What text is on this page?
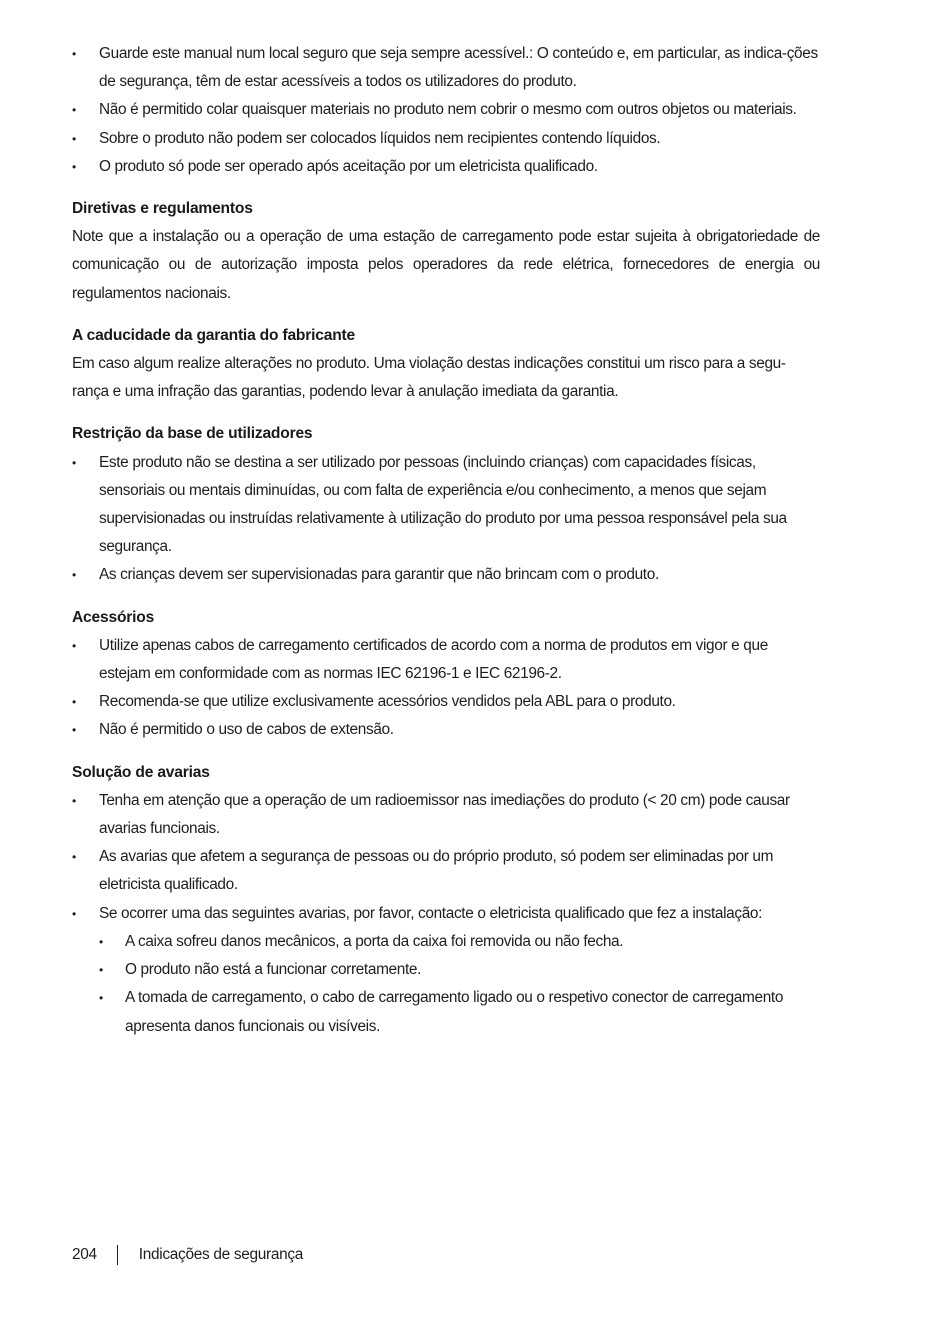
• Guarde este manual num local seguro que seja sempre acessível.: O conteúdo e, em particular, as indica-ções de segurança, têm de estar acessíveis a todos os utilizadores do produto.
• Não é permitido colar quaisquer materiais no produto nem cobrir o mesmo com outros objetos ou materiais.
• Sobre o produto não podem ser colocados líquidos nem recipientes contendo líquidos.
• O produto só pode ser operado após aceitação por um eletricista qualificado.
Diretivas e regulamentos

Note que a instalação ou a operação de uma estação de carregamento pode estar sujeita à obrigatoriedade de comunicação ou de autorização imposta pelos operadores da rede elétrica, fornecedores de energia ou regulamentos nacionais.

A caducidade da garantia do fabricante

Em caso algum realize alterações no produto. Uma violação destas indicações constitui um risco para a segu-rança e uma infração das garantias, podendo levar à anulação imediata da garantia.

Restrição da base de utilizadores
• Este produto não se destina a ser utilizado por pessoas (incluindo crianças) com capacidades físicas, sensoriais ou mentais diminuídas, ou com falta de experiência e/ou conhecimento, a menos que sejam supervisionadas ou instruídas relativamente à utilização do produto por uma pessoa responsável pela sua segurança.
• As crianças devem ser supervisionadas para garantir que não brincam com o produto.
Acessórios
• Utilize apenas cabos de carregamento certificados de acordo com a norma de produtos em vigor e que estejam em conformidade com as normas IEC 62196-1 e IEC 62196-2.
• Recomenda-se que utilize exclusivamente acessórios vendidos pela ABL para o produto.
• Não é permitido o uso de cabos de extensão.
Solução de avarias
• Tenha em atenção que a operação de um radioemissor nas imediações do produto (< 20 cm) pode causar avarias funcionais.
• As avarias que afetem a segurança de pessoas ou do próprio produto, só podem ser eliminadas por um eletricista qualificado.
• Se ocorrer uma das seguintes avarias, por favor, contacte o eletricista qualificado que fez a instalação:
• A caixa sofreu danos mecânicos, a porta da caixa foi removida ou não fecha.
• O produto não está a funcionar corretamente.
• A tomada de carregamento, o cabo de carregamento ligado ou o respetivo conector de carregamento apresenta danos funcionais ou visíveis.
204	Indicações de segurança
